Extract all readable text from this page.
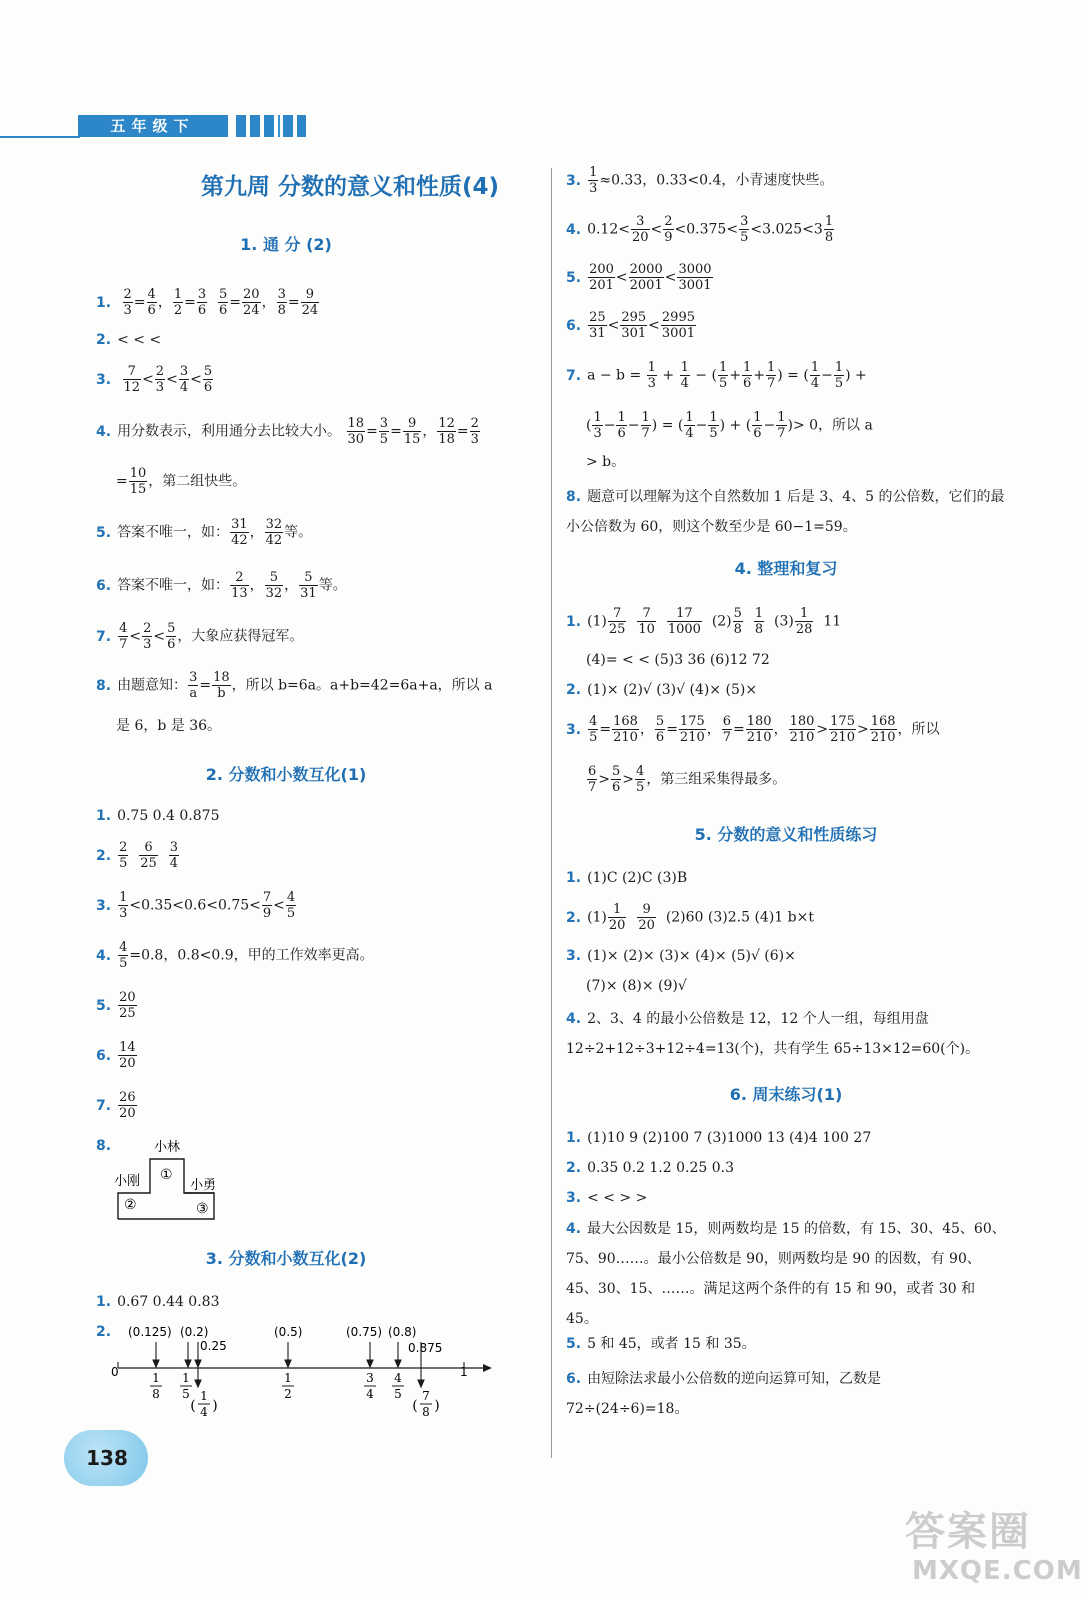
五年级下
第九周 分数的意义和性质(4)
1. 通 分 (2)
1. $\frac{2}{3} = \frac{4}{6}$ ， $\frac{1}{2} = \frac{3}{6}$
$\frac{5}{6} = \frac{20}{24}$ ， $\frac{3}{8} = \frac{9}{24}$
2. < < <
3. $\frac{7}{12} < \frac{2}{3} < \frac{3}{4} < \frac{5}{6}$
4. 用分数表示，利用通分去比较大小。 $\frac{18}{30} = \frac{3}{5} = \frac{9}{15}$ ， $\frac{12}{18} = \frac{2}{3}$
= $\frac{10}{15}$ ，第二组快些。
5. 答案不唯一，如： $\frac{31}{42}$ ， $\frac{32}{42}$ 等。
6. 答案不唯一，如： $\frac{2}{13}$ ， $\frac{5}{32}$ ， $\frac{5}{31}$ 等。
7. $\frac{4}{7} < \frac{2}{3} < \frac{5}{6}$ ，大象应获得冠军。
8. 由题意知： $\frac{3}{a} = \frac{18}{b}$ ，所以 b=6a。a+b=42=6a+a，所以 a
是 6，b 是 36。
2. 分数和小数互化(1)
1. 0.75 0.4 0.875
2. $\frac{2}{5}$
$\frac{6}{25}$
$\frac{3}{4}$
3. $\frac{1}{3} <0.35<0.6<0.75< \frac{7}{9} < \frac{4}{5}$
4. $\frac{4}{5} =0.8$，0.8<0.9，甲的工作效率更高。
5. $\frac{20}{25}$
6. $\frac{14}{20}$
7. $\frac{26}{20}$
8.	小林
①
小刚
②
小勇
③
3. 分数和小数互化(2)
1. 0.67 0.44 0.83
2.	(0.125) (0.2)
0.25
(0.5)	(0.75) (0.8)
0.875
0	1
1
8
1
5 1
4
1
2
3
4
4
5 7
8
( )	( )
3. $\frac{1}{3} \approx 0.33$，0.33<0.4，小青速度快些。
4. $0.12< \frac{3}{20} < \frac{2}{9} <0.375< \frac{3}{5} <3.025<3 \frac{1}{8}$
5. $\frac{200}{201} < \frac{2000}{2001} < \frac{3000}{3001}$
6. $\frac{25}{31} < \frac{295}{301} < \frac{2995}{3001}$
7. $a - b = \frac{1}{3} + \frac{1}{4}$ − ( $\frac{1}{5} + \frac{1}{6} + \frac{1}{7}$ ) = ( $\frac{1}{4} - \frac{1}{5}$ ) +
( $\frac{1}{3} - \frac{1}{6} - \frac{1}{7}$ ) = ( $\frac{1}{4} - \frac{1}{5}$ ) + ( $\frac{1}{6} - \frac{1}{7}$ )> 0，所以 a
> b。
8. 题意可以理解为这个自然数加 1 后是 3、4、5 的公倍数，它们的最小公倍数为 60，则这个数至少是 60−1=59。
4. 整理和复习
1. $(1) \frac{7}{25}$
$\frac{7}{10}$
$\frac{17}{1000} (2) \frac{5}{8}$
$\frac{1}{8} (3) \frac{1}{28} 11$
(4)= < < (5)3 36 (6)12 72
2. (1)× (2)√ (3)√ (4)× (5)×
3. $\frac{4}{5} = \frac{168}{210}$ ， $\frac{5}{6} = \frac{175}{210}$ ， $\frac{6}{7} = \frac{180}{210}$ ， $\frac{180}{210} > \frac{175}{210} > \frac{168}{210}$ ，所以
$\frac{6}{7} > \frac{5}{6} > \frac{4}{5}$ ，第三组采集得最多。
5. 分数的意义和性质练习
1. (1)C (2)C (3)B
2. $(1) \frac{1}{20}$
$\frac{9}{20} (2)60$ (3)2.5 (4)1 b×t
3. (1)× (2)× (3)× (4)× (5)√ (6)×
(7)× (8)× (9)√
4. 2、3、4 的最小公倍数是 12，12 个人一组，每组用盘 12÷2+12÷3+12÷4=13(个)，共有学生 65÷13×12=60(个)。
6. 周末练习(1)
1. (1)10 9 (2)100 7 (3)1000 13 (4)4 100 27
2. 0.35 0.2 1.2 0.25 0.3
3. < < > >
4. 最大公因数是 15，则两数均是 15 的倍数，有 15、30、45、60、75、90……。最小公倍数是 90，则两数均是 90 的因数，有 90、45、30、15、……。满足这两个条件的有 15 和 90，或者 30 和 45。
5. 5 和 45，或者 15 和 35。
6. 由短除法求最小公倍数的逆向运算可知，乙数是 72÷(24÷6)=18。
138
答案圈
MXQE.COM
